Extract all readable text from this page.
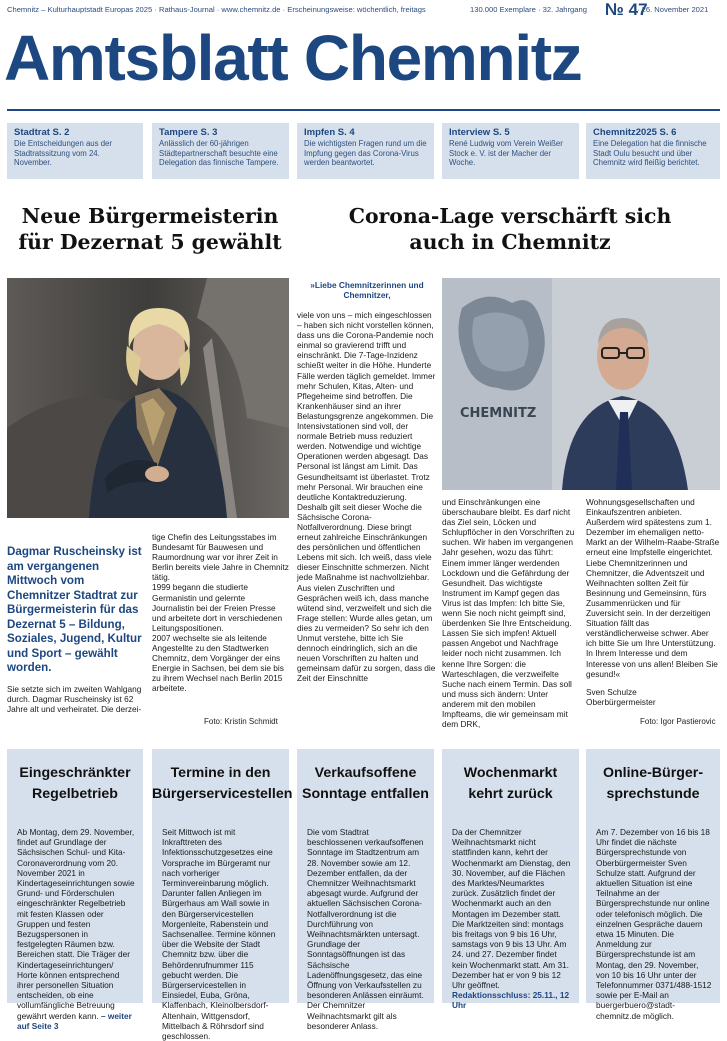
Chemnitz – Kulturhauptstadt Europas 2025 · Rathaus-Journal · www.chemnitz.de · Erscheinungsweise: wöchentlich, freitags	130.000 Exemplare · 32. Jahrgang № 47
· 26. November 2021
Amtsblatt Chemnitz
Stadtrat S. 2
Die Entscheidungen aus der Stadtratssitzung vom 24. November.
Tampere S. 3
Anlässlich der 60-jährigen Städtepartnerschaft besuchte eine Delegation das finnische Tampere.
Impfen S. 4
Die wichtigsten Fragen rund um die Impfung gegen das Corona-Virus werden beantwortet.
Interview S. 5
René Ludwig vom Verein Weißer Stock e. V. ist der Macher der Woche.
Chemnitz2025 S. 6
Eine Delegation hat die finnische Stadt Oulu besucht und über Chemnitz wird fleißig berichtet.
Neue Bürgermeisterin
für Dezernat 5 gewählt
Corona-Lage verschärft sich
auch in Chemnitz
Dagmar Ruscheinsky ist am vergangenen Mittwoch vom Chemnitzer Stadtrat zur Bürgermeisterin für das Dezernat 5 – Bildung, Soziales, Jugend, Kultur und Sport – gewählt worden.
Sie setzte sich im zweiten Wahlgang durch. Dagmar Ruscheinsky ist 62 Jahre alt und verheiratet. Die derzei-

tige Chefin des Leitungsstabes im Bundesamt für Bauwesen und Raumordnung war vor ihrer Zeit in Berlin bereits viele Jahre in Chemnitz tätig.

1999 begann die studierte Germanistin und gelernte Journalistin bei der Freien Presse und arbeitete dort in verschiedenen Leitungspositionen.

2007 wechselte sie als leitende Angestellte zu den Stadtwerken Chemnitz, dem Vorgänger der eins Energie in Sachsen, bei dem sie bis zu ihrem Wechsel nach Berlin 2015 arbeitete.

Foto: Kristin Schmidt
»Liebe Chemnitzerinnen und Chemnitzer,
viele von uns – mich eingeschlossen – haben sich nicht vorstellen können, dass uns die Corona-Pandemie noch einmal so gravierend trifft und einschränkt. Die 7-Tage-Inzidenz schießt weiter in die Höhe. Hunderte Fälle werden täglich gemeldet. Immer mehr Schulen, Kitas, Alten- und Pflegeheime sind betroffen. Die Krankenhäuser sind an ihrer Belastungsgrenze angekommen. Die Intensivstationen sind voll, der normale Betrieb muss reduziert werden. Notwendige und wichtige Operationen werden abgesagt. Das Personal ist längst am Limit. Das Gesundheitsamt ist überlastet. Trotz mehr Personal. Wir brauchen eine deutliche Kontaktreduzierung. Deshalb gilt seit dieser Woche die Sächsische Corona-Notfallverordnung. Diese bringt erneut zahlreiche Einschränkungen des persönlichen und öffentlichen Lebens mit sich. Ich weiß, dass viele dieser Einschnitte schmerzen. Nicht jede Maßnahme ist nachvollziehbar. Aus vielen Zuschriften und Gesprächen weiß ich, dass manche wütend sind, verzweifelt und sich die Frage stellen: Wurde alles getan, um dies zu vermeiden? So sehr ich den Unmut verstehe, bitte ich Sie dennoch eindringlich, sich an die neuen Vorschriften zu halten und gemeinsam dafür zu sorgen, dass die Zeit der Einschnitte
CHEMNITZ
und Einschränkungen eine überschaubare bleibt. Es darf nicht das Ziel sein, Löcken und Schlupflöcher in den Vorschriften zu suchen. Wir haben im vergangenen Jahr gesehen, wozu das führt: Einem immer länger werdenden Lockdown und die Gefährdung der Gesundheit. Das wichtigste Instrument im Kampf gegen das Virus ist das Impfen: Ich bitte Sie, wenn Sie noch nicht geimpft sind, überdenken Sie Ihre Entscheidung. Lassen Sie sich impfen! Aktuell passen Angebot und Nachfrage leider noch nicht zusammen. Ich kenne Ihre Sorgen: die Warteschlagen, die verzweifelte Suche nach einem Termin. Das soll und muss sich ändern: Unter anderem mit den mobilen Impfteams, die wir gemeinsam mit dem DRK,
Wohnungsgesellschaften und Einkaufszentren anbieten. Außerdem wird spätestens zum 1. Dezember im ehemaligen netto-Markt an der Wilhelm-Raabe-Straße erneut eine Impfstelle eingerichtet. Liebe Chemnitzerinnen und Chemnitzer, die Adventszeit und Weihnachten sollten Zeit für Besinnung und Gemeinsinn, fürs Zusammenrücken und für Zuversicht sein. In der derzeitigen Situation fällt das verständlicherweise schwer. Aber ich bitte Sie um Ihre Unterstützung. In Ihrem Interesse und dem Interesse von uns allen! Bleiben Sie gesund!«
Sven Schulze
Oberbürgermeister
Foto: Igor Pastierovic
Eingeschränkter
Regelbetrieb
Ab Montag, dem 29. November, findet auf Grundlage der Sächsischen Schul- und Kita-Coronaverordnung vom 20. November 2021 in Kindertageseinrichtungen sowie Grund- und Förderschulen eingeschränkter Regelbetrieb mit festen Klassen oder Gruppen und festen Bezugspersonen in festgelegten Räumen bzw. Bereichen statt. Die Träger der Kindertageseinrichtungen/ Horte können entsprechend ihrer personellen Situation entscheiden, ob eine vollumfängliche Betreuung gewährt werden kann. – weiter auf Seite 3
Termine in den
Bürgerservicestellen
Seit Mittwoch ist mit Inkrafttreten des Infektionsschutzgesetzes eine Vorsprache im Bürgeramt nur nach vorheriger Terminvereinbarung möglich. Darunter fallen Anliegen im Bürgerhaus am Wall sowie in den Bürgerservicestellen Morgenleite, Rabenstein und Sachsenallee. Termine können über die Website der Stadt Chemnitz bzw. über die Behördenrufnummer 115 gebucht werden. Die Bürgerservicestellen in Einsiedel, Euba, Gröna, Klaffenbach, Kleinolbersdorf-Altenhain, Wittgensdorf, Mittelbach & Röhrsdorf sind geschlossen.
Verkaufsoffene
Sonntage entfallen
Die vom Stadtrat beschlossenen verkaufsoffenen Sonntage im Stadtzentrum am 28. November sowie am 12. Dezember entfallen, da der Chemnitzer Weihnachtsmarkt abgesagt wurde. Aufgrund der aktuellen Sächsischen Corona-Notfallverordnung ist die Durchführung von Weihnachtsmärkten untersagt. Grundlage der Sonntagsöffnungen ist das Sächsische Ladenöffnungsgesetz, das eine Öffnung von Verkaufsstellen zu besonderen Anlässen einräumt. Der Chemnitzer Weihnachtsmarkt gilt als besonderer Anlass.
Wochenmarkt
kehrt zurück
Da der Chemnitzer Weihnachtsmarkt nicht stattfinden kann, kehrt der Wochenmarkt am Dienstag, den 30. November, auf die Flächen des Marktes/Neumarktes zurück. Zusätzlich findet der Wochenmarkt auch an den Montagen im Dezember statt. Die Marktzeiten sind: montags bis freitags von 9 bis 16 Uhr, samstags von 9 bis 13 Uhr. Am 24. und 27. Dezember findet kein Wochenmarkt statt. Am 31. Dezember hat er von 9 bis 12 Uhr geöffnet.
Redaktionsschluss: 25.11., 12 Uhr
Online-Bürger-
sprechstunde
Am 7. Dezember von 16 bis 18 Uhr findet die nächste Bürgersprechstunde von Oberbürgermeister Sven Schulze statt. Aufgrund der aktuellen Situation ist eine Teilnahme an der Bürgersprechstunde nur online oder telefonisch möglich. Die einzelnen Gespräche dauern etwa 15 Minuten. Die Anmeldung zur Bürgersprechstunde ist am Montag, den 29. November, von 10 bis 16 Uhr unter der Telefonnummer 0371/488-1512 sowie per E-Mail an buergerbuero@stadt-chemnitz.de möglich.
